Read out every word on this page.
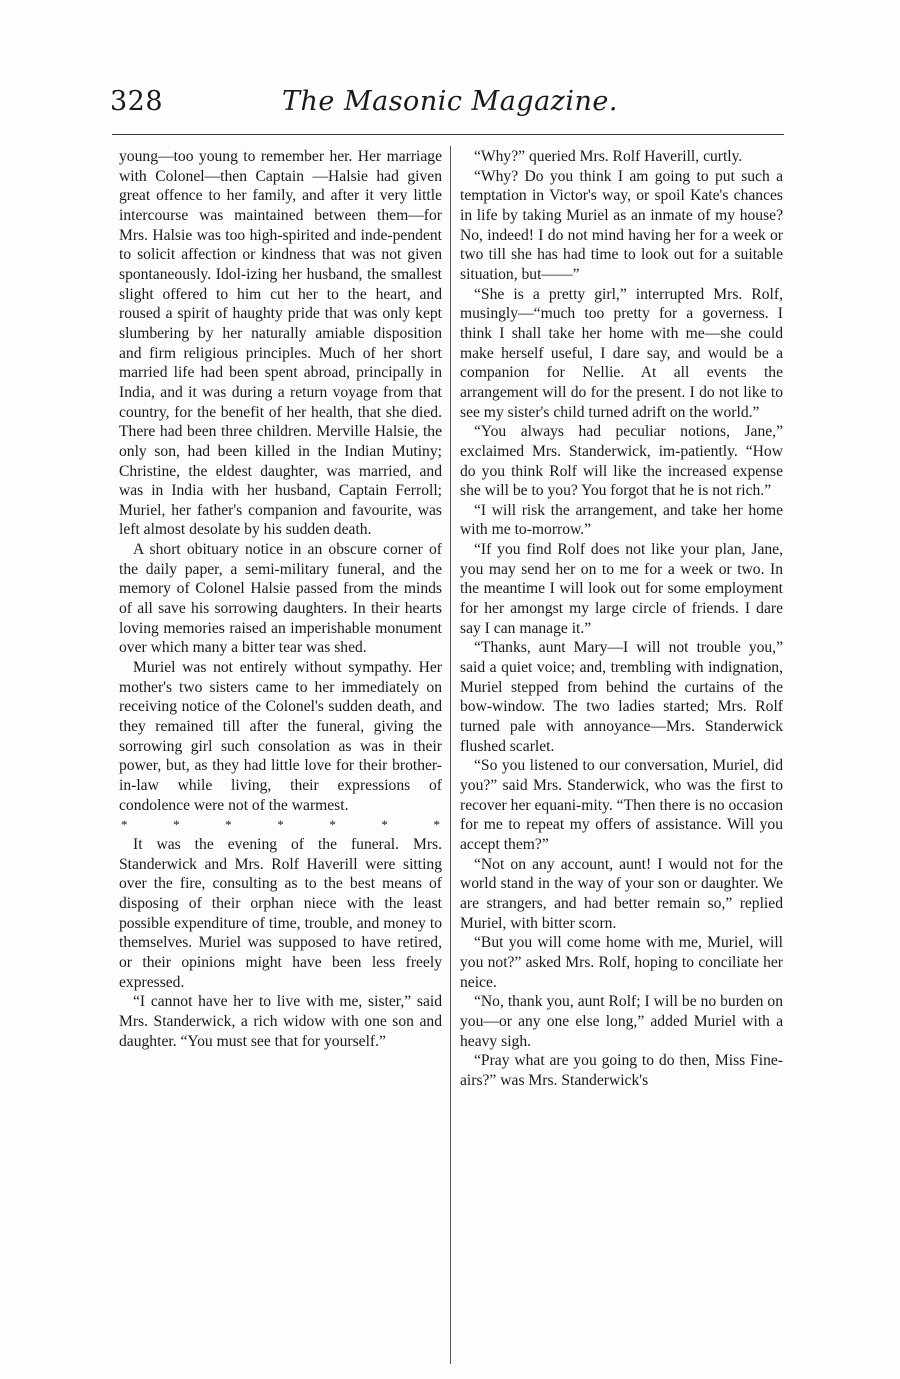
328	The Masonic Magazine.

young—too young to remember her. Her marriage with Colonel—then Captain —Halsie had given great offence to her family, and after it very little intercourse was maintained between them—for Mrs. Halsie was too high-spirited and inde-pendent to solicit affection or kindness that was not given spontaneously. Idol-izing her husband, the smallest slight offered to him cut her to the heart, and roused a spirit of haughty pride that was only kept slumbering by her naturally amiable disposition and firm religious principles. Much of her short married life had been spent abroad, principally in India, and it was during a return voyage from that country, for the benefit of her health, that she died. There had been three children. Merville Halsie, the only son, had been killed in the Indian Mutiny; Christine, the eldest daughter, was married, and was in India with her husband, Captain Ferroll; Muriel, her father's companion and favourite, was left almost desolate by his sudden death.

A short obituary notice in an obscure corner of the daily paper, a semi-military funeral, and the memory of Colonel Halsie passed from the minds of all save his sorrowing daughters. In their hearts loving memories raised an imperishable monument over which many a bitter tear was shed.

Muriel was not entirely without sympathy. Her mother's two sisters came to her immediately on receiving notice of the Colonel's sudden death, and they remained till after the funeral, giving the sorrowing girl such consolation as was in their power, but, as they had little love for their brother-in-law while living, their expressions of condolence were not of the warmest.

*	*	*	*	*	*	*

It was the evening of the funeral. Mrs. Standerwick and Mrs. Rolf Haverill were sitting over the fire, consulting as to the best means of disposing of their orphan niece with the least possible expenditure of time, trouble, and money to themselves. Muriel was supposed to have retired, or their opinions might have been less freely expressed.

“I cannot have her to live with me, sister,” said Mrs. Standerwick, a rich widow with one son and daughter. “You must see that for yourself.”

“Why?” queried Mrs. Rolf Haverill, curtly.

“Why? Do you think I am going to put such a temptation in Victor's way, or spoil Kate's chances in life by taking Muriel as an inmate of my house? No, indeed! I do not mind having her for a week or two till she has had time to look out for a suitable situation, but——”

“She is a pretty girl,” interrupted Mrs. Rolf, musingly—“much too pretty for a governess. I think I shall take her home with me—she could make herself useful, I dare say, and would be a companion for Nellie. At all events the arrangement will do for the present. I do not like to see my sister's child turned adrift on the world.”

“You always had peculiar notions, Jane,” exclaimed Mrs. Standerwick, im-patiently. “How do you think Rolf will like the increased expense she will be to you? You forgot that he is not rich.”

“I will risk the arrangement, and take her home with me to-morrow.”

“If you find Rolf does not like your plan, Jane, you may send her on to me for a week or two. In the meantime I will look out for some employment for her amongst my large circle of friends. I dare say I can manage it.”

“Thanks, aunt Mary—I will not trouble you,” said a quiet voice; and, trembling with indignation, Muriel stepped from behind the curtains of the bow-window. The two ladies started; Mrs. Rolf turned pale with annoyance—Mrs. Standerwick flushed scarlet.

“So you listened to our conversation, Muriel, did you?” said Mrs. Standerwick, who was the first to recover her equani-mity. “Then there is no occasion for me to repeat my offers of assistance. Will you accept them?”

“Not on any account, aunt! I would not for the world stand in the way of your son or daughter. We are strangers, and had better remain so,” replied Muriel, with bitter scorn.

“But you will come home with me, Muriel, will you not?” asked Mrs. Rolf, hoping to conciliate her neice.

“No, thank you, aunt Rolf; I will be no burden on you—or any one else long,” added Muriel with a heavy sigh.

“Pray what are you going to do then, Miss Fine-airs?” was Mrs. Standerwick's
